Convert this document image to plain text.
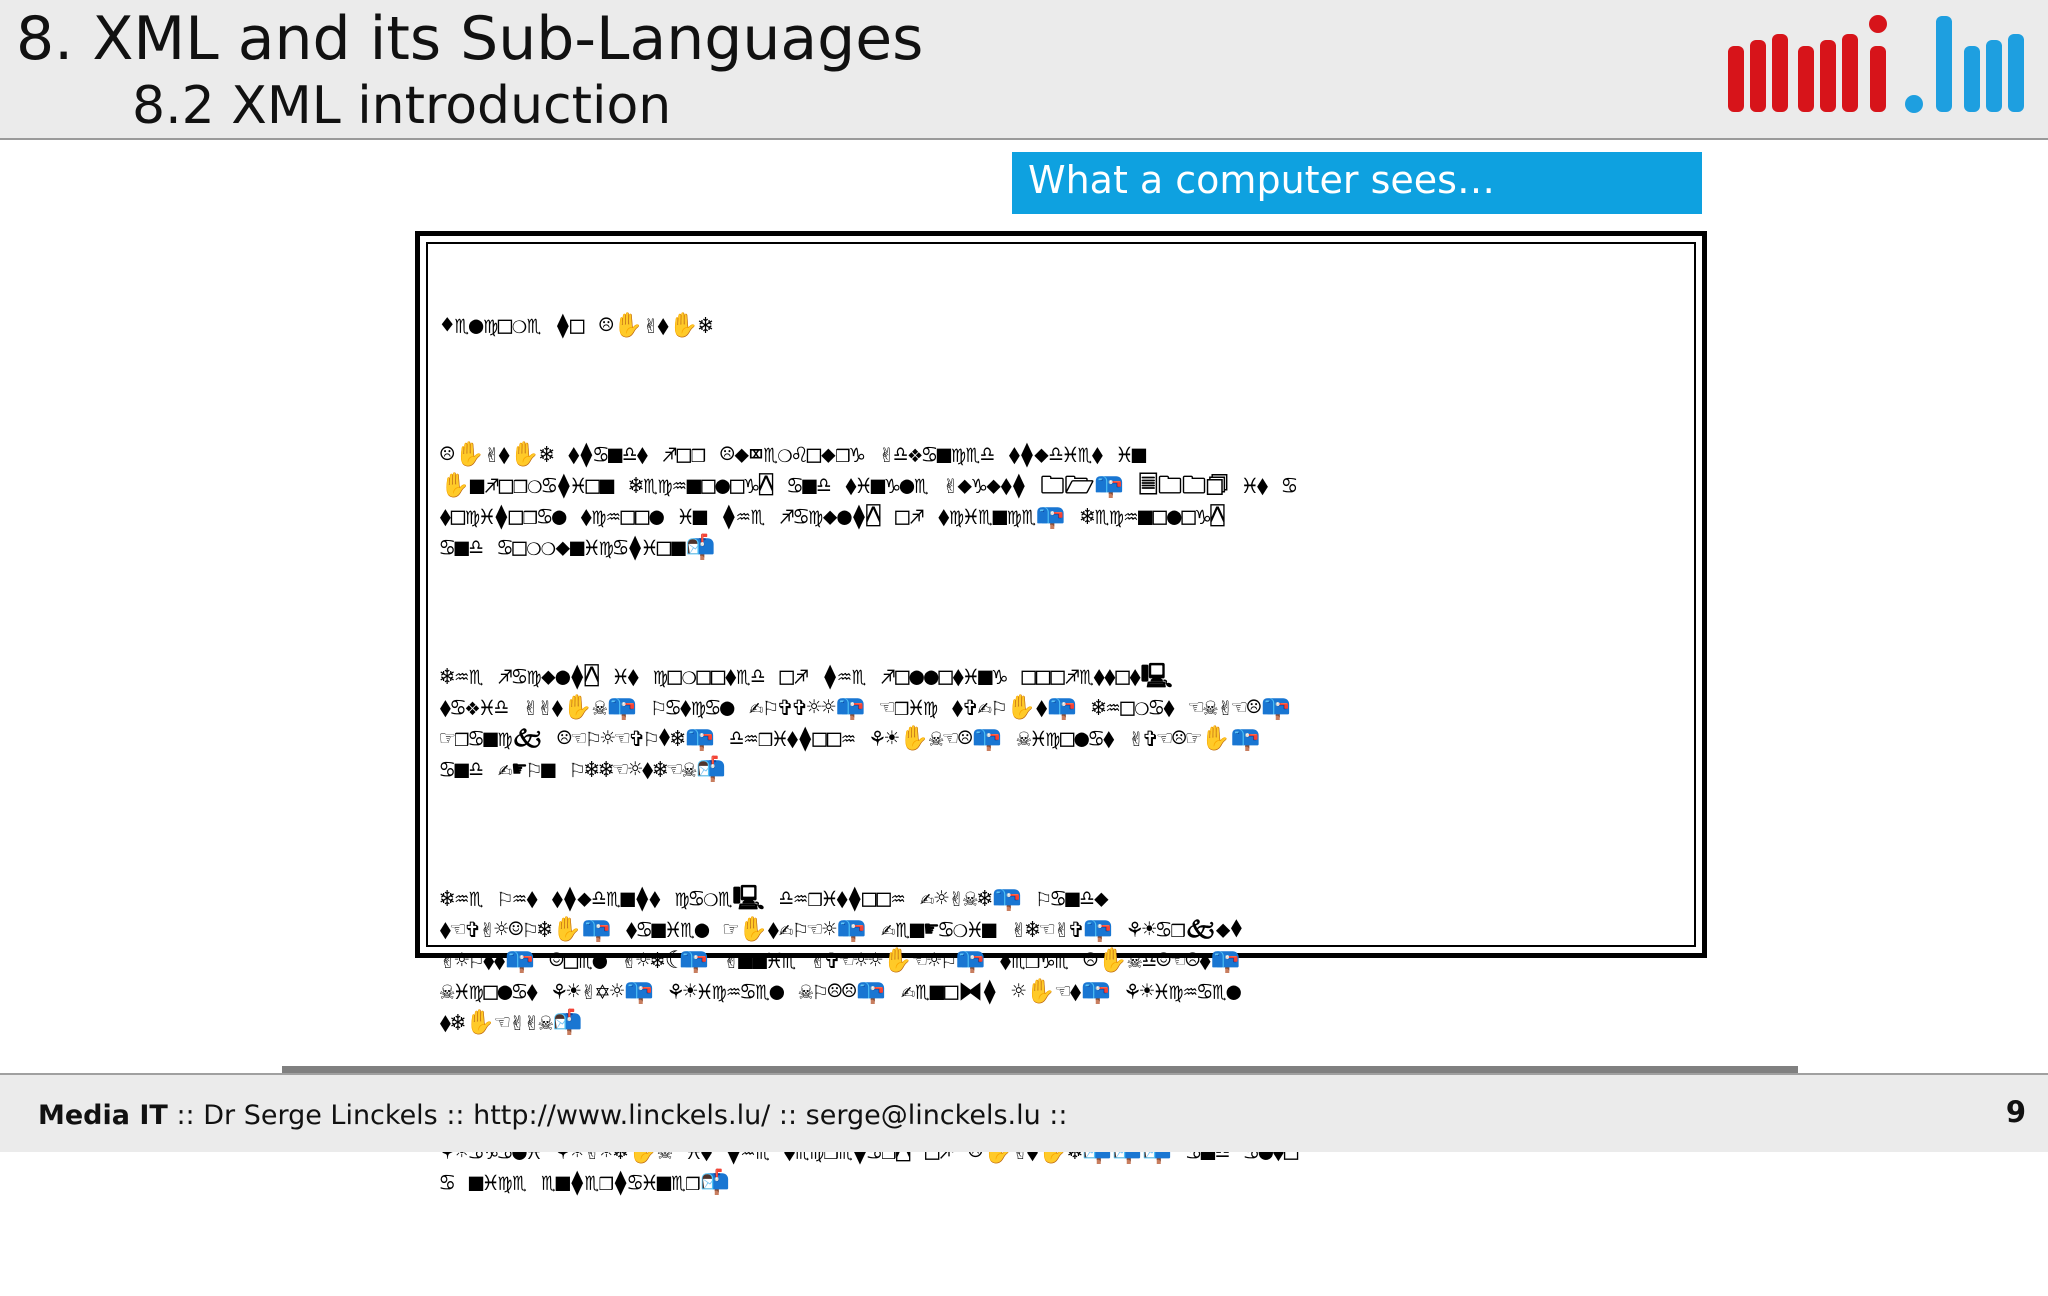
8. XML and its Sub-Languages
8.2 XML introduction
What a computer sees…

♦♏●♍□❍♏ ⧫□ ☹✋✌⬧✋❄

☹✋✌⬧✋❄ ⬧⧫♋■♎⬧ ♐□❒ ☹◆⌧♏❍♌□◆❒♑ ✌♎❖♋■♍♏♎ ⬧⧫◆♎♓♏⬧ ♓■
✋■♐□❒❍♋⧫♓□■ ❄♏♍♒■□●□♑⍓ ♋■♎ ⬧♓■♑●♏ ✌◆♑◆⬧⧫ 🗀🗁📪 🗏🗀🗀🗇 ♓⬧ ♋
⬧□♍♓⧫□❒♋● ⬧♍♒□□● ♓■ ⧫♒♏ ♐♋♍◆●⧫⍓ □♐ ⬧♍♓♏■♍♏📪 ❄♏♍♒■□●□♑⍓
♋■♎ ♋□❍❍◆■♓♍♋⧫♓□■📬

❄♒♏ ♐♋♍◆●⧫⍓ ♓⬧ ♍□❍□□⬧♏♎ □♐ ⧫♒♏ ♐□●●□⬧♓■♑ □□□♐♏⬧⬧□⬧🖳
⬧♋❖♓♎ ✌✌⬧✋☠📪 ⚐♋⬧♍♋● ✍⚐✞✞☼☼📪 ☜❒♓♍ ⬧✞✍⚐✋⬧📪 ❄♒□❍♋⬧ ☜☠✌☜☹📪
☞❒♋■♍🙵 ☹☜⚐☼☜✞⚐⬧❄📪 ♎♒❒♓⬧⧫□□♒ ⚘☀✋☠☜☹📪 ☠♓♍□●♋⬧ ✌✞☜☹☞✋📪
♋■♎ ✍☛⚐■ ⚐❄❄☜☼⬧❄☜☠📬

❄♒♏ ⚐♒⬧ ⬧⧫◆♎♏■⧫⬧ ♍♋❍♏🖳 ♎♒❒♓⬧⧫□□♒ ✍☼✌☠❄📪 ⚐♋■♎◆
⬧☜✞✌☼☺⚐❄✋📪 ⬧♋■♓♏● ☞✋⬧✍⚐☜☼📪 ✍♏■☛♋❍♓■ ✌❄☜✌✞📪 ⚘☀♋❒🙵◆⬧
✌☼⚐⬧⬧📪 ☺□♏● ✌☼❄☾📪 ✌■■♓♏ ✌✞☜☼☼✋☜☼⚐📪 ⬧♏❒♑♏ ☹✋☠♎☺☜☹⬧📪
☠♓♍□●♋⬧ ⚘☀✌✡☼📪 ⚘☀♓♍♒♋♏● ☠⚐☹☹📪 ✍♏■□⧓⧫ ☼✋☜⬧📪 ⚘☀♓♍♒♋♏●
⬧❄✋☜✌✌☠📬

♋ ■♓♍♏ ♏■⧫♏❒⧫♋♓■♏❒📬

Media IT :: Dr Serge Linckels :: http://www.linckels.lu/ :: serge@linckels.lu ::	9
